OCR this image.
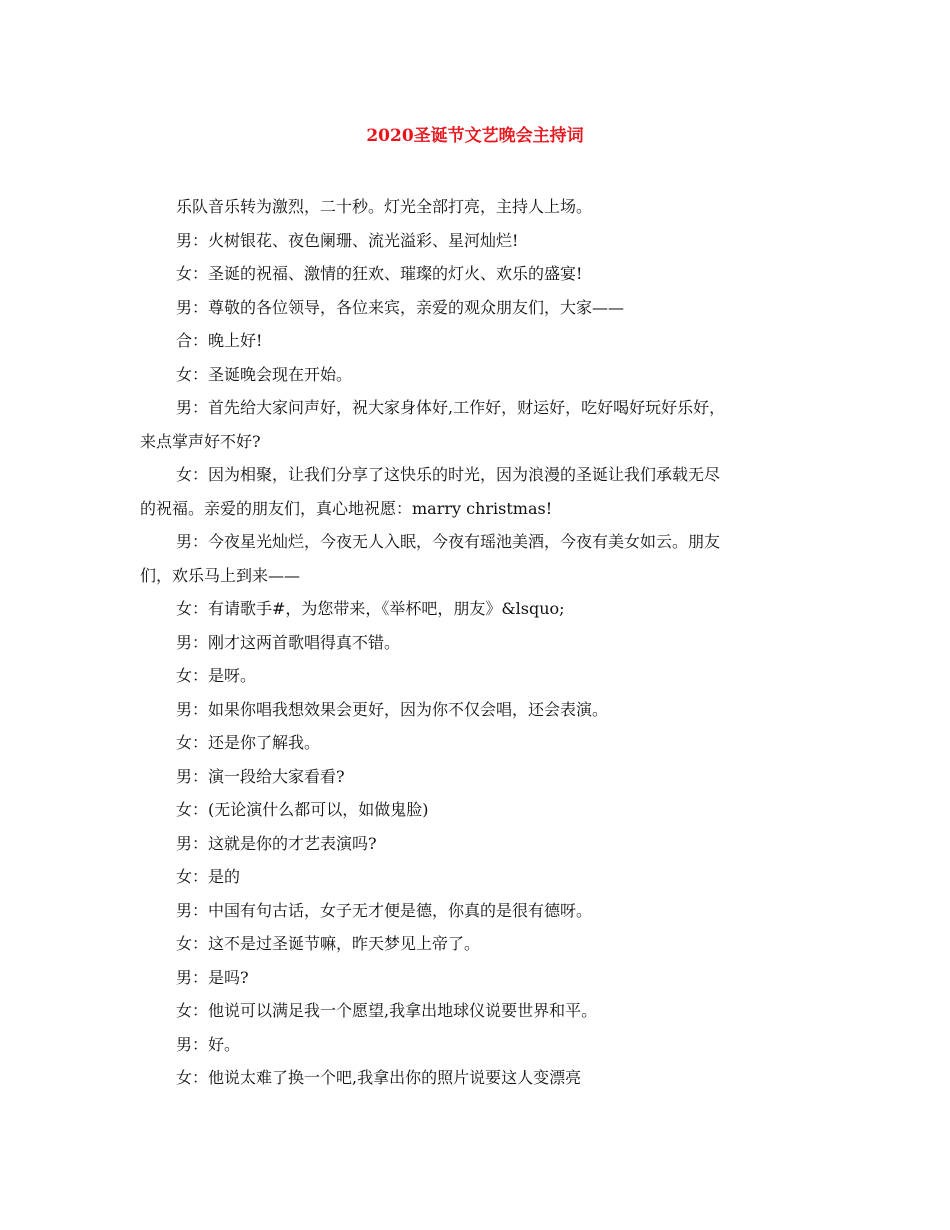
2020圣诞节文艺晚会主持词

乐队音乐转为激烈，二十秒。灯光全部打亮，主持人上场。

男：火树银花、夜色阑珊、流光溢彩、星河灿烂!

女：圣诞的祝福、激情的狂欢、璀璨的灯火、欢乐的盛宴!

男：尊敬的各位领导，各位来宾，亲爱的观众朋友们，大家——

合：晚上好!

女：圣诞晚会现在开始。

男：首先给大家问声好，祝大家身体好,工作好，财运好，吃好喝好玩好乐好，
来点掌声好不好?

女：因为相聚，让我们分享了这快乐的时光，因为浪漫的圣诞让我们承载无尽
的祝福。亲爱的朋友们，真心地祝愿：marry christmas!

男：今夜星光灿烂，今夜无人入眠，今夜有瑶池美酒，今夜有美女如云。朋友
们，欢乐马上到来——

女：有请歌手#，为您带来，《举杯吧，朋友》&lsquo;

男：刚才这两首歌唱得真不错。

女：是呀。

男：如果你唱我想效果会更好，因为你不仅会唱，还会表演。

女：还是你了解我。

男：演一段给大家看看?

女：(无论演什么都可以，如做鬼脸)

男：这就是你的才艺表演吗?

女：是的

男：中国有句古话，女子无才便是德，你真的是很有德呀。

女：这不是过圣诞节嘛，昨天梦见上帝了。

男：是吗?

女：他说可以满足我一个愿望,我拿出地球仪说要世界和平。

男：好。

女：他说太难了换一个吧,我拿出你的照片说要这人变漂亮
